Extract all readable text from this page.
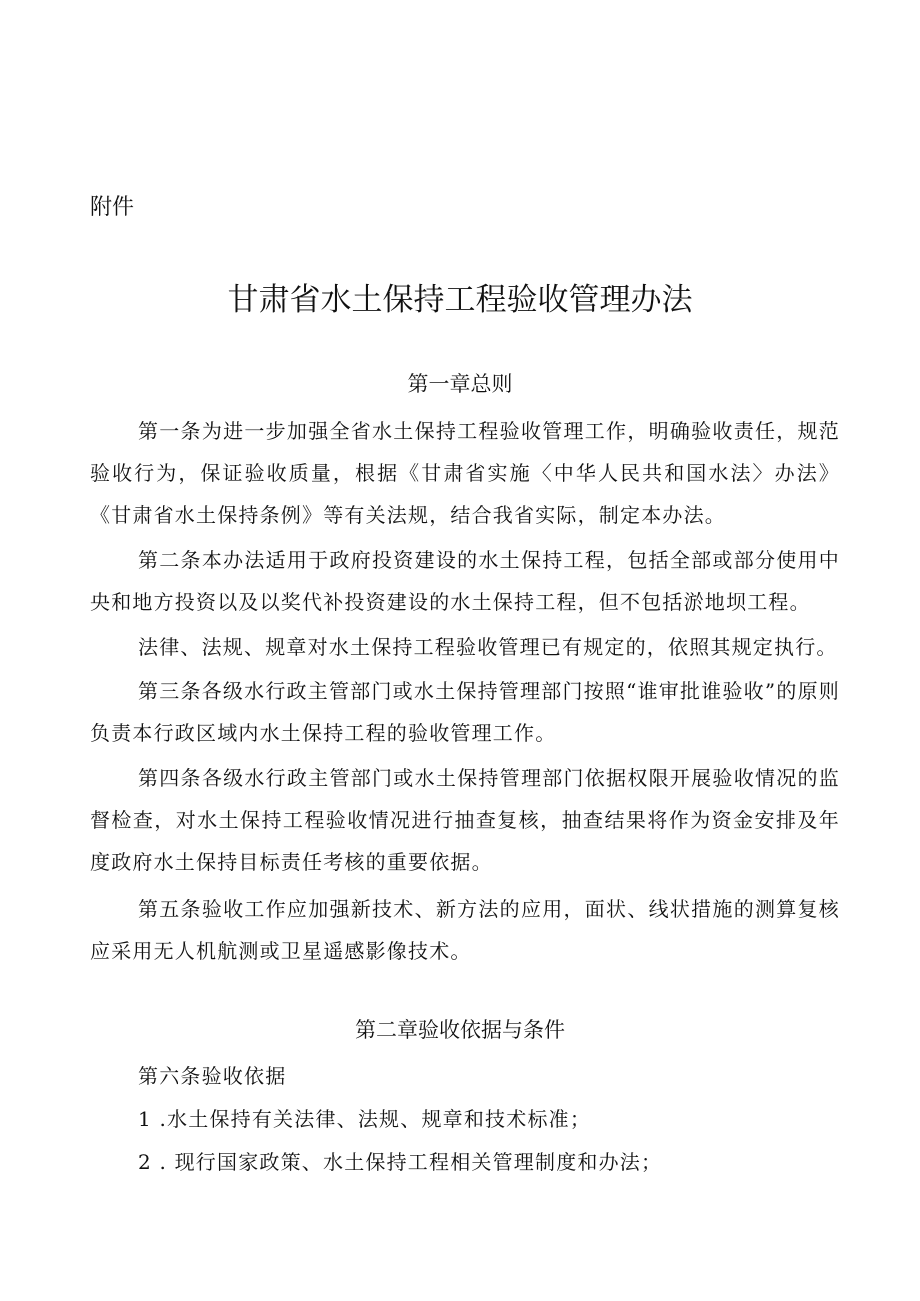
附件
甘肃省水土保持工程验收管理办法
第一章总则
第一条为进一步加强全省水土保持工程验收管理工作，明确验收责任，规范验收行为，保证验收质量，根据《甘肃省实施〈中华人民共和国水法〉办法》《甘肃省水土保持条例》等有关法规，结合我省实际，制定本办法。
第二条本办法适用于政府投资建设的水土保持工程，包括全部或部分使用中央和地方投资以及以奖代补投资建设的水土保持工程，但不包括淤地坝工程。
法律、法规、规章对水土保持工程验收管理已有规定的，依照其规定执行。
第三条各级水行政主管部门或水土保持管理部门按照“谁审批谁验收”的原则负责本行政区域内水土保持工程的验收管理工作。
第四条各级水行政主管部门或水土保持管理部门依据权限开展验收情况的监督检查，对水土保持工程验收情况进行抽查复核，抽查结果将作为资金安排及年度政府水土保持目标责任考核的重要依据。
第五条验收工作应加强新技术、新方法的应用，面状、线状措施的测算复核应采用无人机航测或卫星遥感影像技术。
第二章验收依据与条件
第六条验收依据
1 .水土保持有关法律、法规、规章和技术标准；
2 . 现行国家政策、水土保持工程相关管理制度和办法；
